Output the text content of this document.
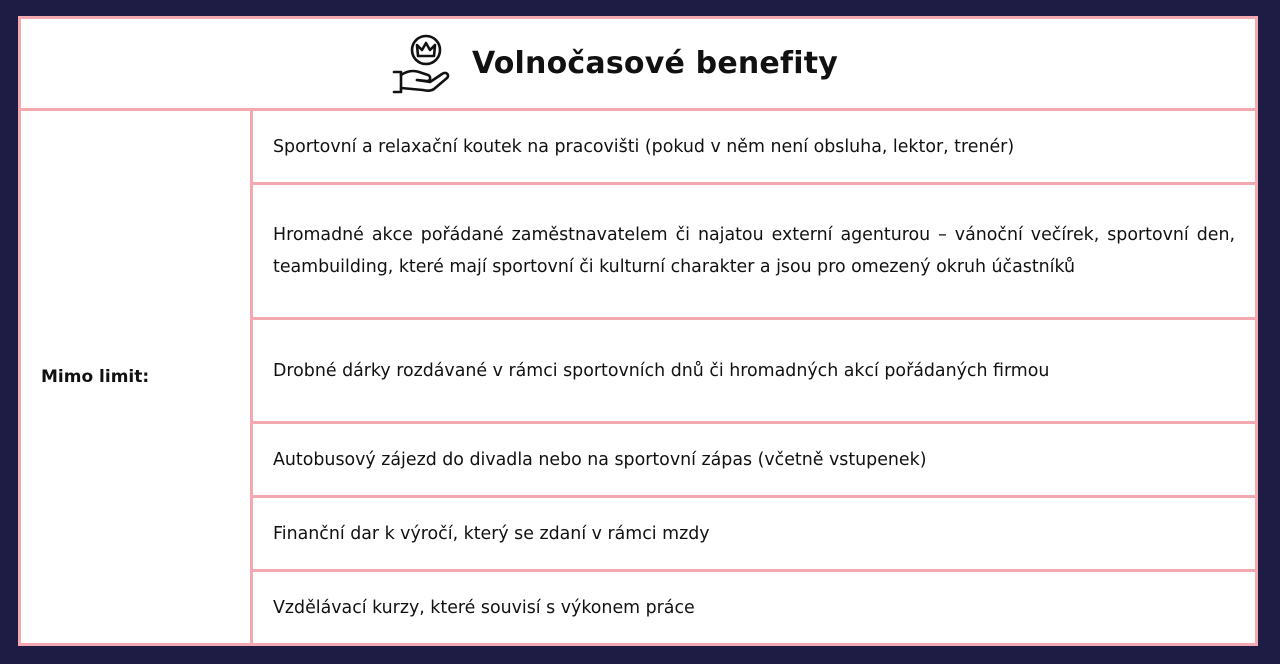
Volnočasové benefity
Mimo limit:
Sportovní a relaxační koutek na pracovišti (pokud v něm není obsluha, lektor, trenér)
Hromadné akce pořádané zaměstnavatelem či najatou externí agenturou – vánoční večírek, sportovní den, teambuilding, které mají sportovní či kulturní charakter a jsou pro omezený okruh účastníků
Drobné dárky rozdávané v rámci sportovních dnů či hromadných akcí pořádaných firmou
Autobusový zájezd do divadla nebo na sportovní zápas (včetně vstupenek)
Finanční dar k výročí, který se zdaní v rámci mzdy
Vzdělávací kurzy, které souvisí s výkonem práce
